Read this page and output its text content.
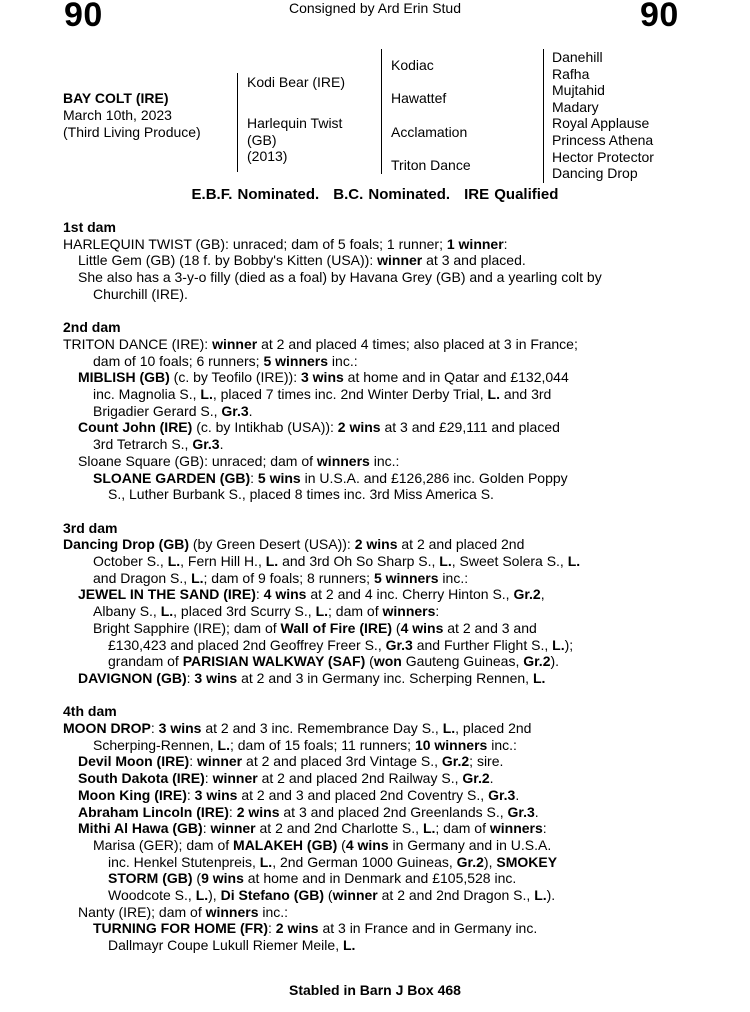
90	Consigned by Ard Erin Stud	90
BAY COLT (IRE)
March 10th, 2023
(Third Living Produce)
Kodi Bear (IRE)
Harlequin Twist
(GB)
(2013)
Kodiac
Hawattef
Acclamation
Triton Dance
Danehill
Rafha
Mujtahid
Madary
Royal Applause
Princess Athena
Hector Protector
Dancing Drop
E.B.F. Nominated. B.C. Nominated. IRE Qualified
1st dam
HARLEQUIN TWIST (GB): unraced; dam of 5 foals; 1 runner; 1 winner:
Little Gem (GB) (18 f. by Bobby's Kitten (USA)): winner at 3 and placed.
She also has a 3-y-o filly (died as a foal) by Havana Grey (GB) and a yearling colt by
Churchill (IRE).
2nd dam
TRITON DANCE (IRE): winner at 2 and placed 4 times; also placed at 3 in France;
dam of 10 foals; 6 runners; 5 winners inc.:
MIBLISH (GB) (c. by Teofilo (IRE)): 3 wins at home and in Qatar and £132,044
inc. Magnolia S., L., placed 7 times inc. 2nd Winter Derby Trial, L. and 3rd
Brigadier Gerard S., Gr.3.
Count John (IRE) (c. by Intikhab (USA)): 2 wins at 3 and £29,111 and placed
3rd Tetrarch S., Gr.3.
Sloane Square (GB): unraced; dam of winners inc.:
SLOANE GARDEN (GB): 5 wins in U.S.A. and £126,286 inc. Golden Poppy
S., Luther Burbank S., placed 8 times inc. 3rd Miss America S.
3rd dam
Dancing Drop (GB) (by Green Desert (USA)): 2 wins at 2 and placed 2nd
October S., L., Fern Hill H., L. and 3rd Oh So Sharp S., L., Sweet Solera S., L.
and Dragon S., L.; dam of 9 foals; 8 runners; 5 winners inc.:
JEWEL IN THE SAND (IRE): 4 wins at 2 and 4 inc. Cherry Hinton S., Gr.2,
Albany S., L., placed 3rd Scurry S., L.; dam of winners:
Bright Sapphire (IRE); dam of Wall of Fire (IRE) (4 wins at 2 and 3 and
£130,423 and placed 2nd Geoffrey Freer S., Gr.3 and Further Flight S., L.);
grandam of PARISIAN WALKWAY (SAF) (won Gauteng Guineas, Gr.2).
DAVIGNON (GB): 3 wins at 2 and 3 in Germany inc. Scherping Rennen, L.
4th dam
MOON DROP: 3 wins at 2 and 3 inc. Remembrance Day S., L., placed 2nd
Scherping-Rennen, L.; dam of 15 foals; 11 runners; 10 winners inc.:
Devil Moon (IRE): winner at 2 and placed 3rd Vintage S., Gr.2; sire.
South Dakota (IRE): winner at 2 and placed 2nd Railway S., Gr.2.
Moon King (IRE): 3 wins at 2 and 3 and placed 2nd Coventry S., Gr.3.
Abraham Lincoln (IRE): 2 wins at 3 and placed 2nd Greenlands S., Gr.3.
Mithi Al Hawa (GB): winner at 2 and 2nd Charlotte S., L.; dam of winners:
Marisa (GER); dam of MALAKEH (GB) (4 wins in Germany and in U.S.A.
inc. Henkel Stutenpreis, L., 2nd German 1000 Guineas, Gr.2), SMOKEY
STORM (GB) (9 wins at home and in Denmark and £105,528 inc.
Woodcote S., L.), Di Stefano (GB) (winner at 2 and 2nd Dragon S., L.).
Nanty (IRE); dam of winners inc.:
TURNING FOR HOME (FR): 2 wins at 3 in France and in Germany inc.
Dallmayr Coupe Lukull Riemer Meile, L.
Stabled in Barn J Box 468
